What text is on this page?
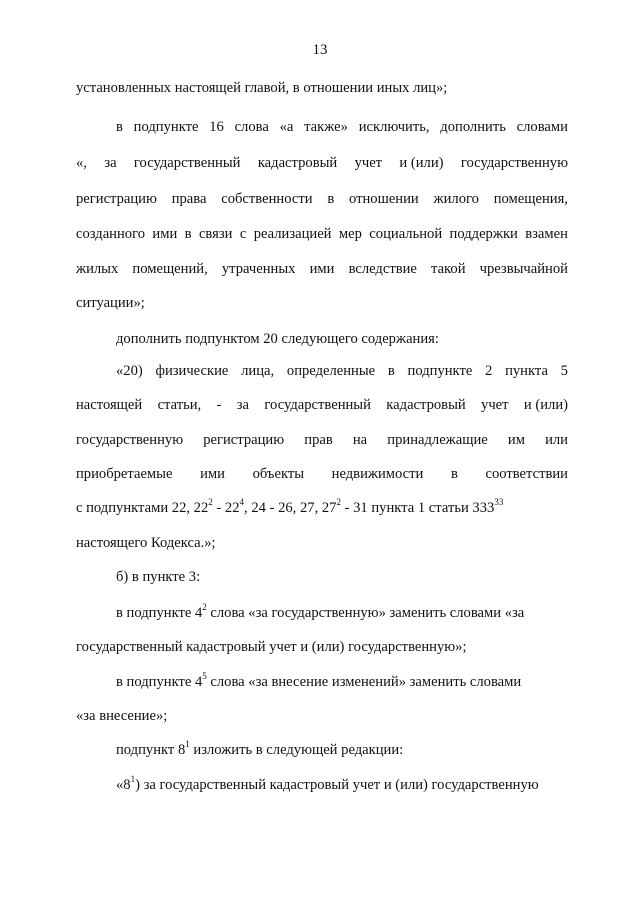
13
установленных настоящей главой, в отношении иных лиц»;
в подпункте 16 слова «а также» исключить, дополнить словами
«, за государственный кадастровый учет и (или) государственную
регистрацию права собственности в отношении жилого помещения,
созданного ими в связи с реализацией мер социальной поддержки взамен
жилых помещений, утраченных ими вследствие такой чрезвычайной
ситуации»;
дополнить подпунктом 20 следующего содержания:
«20) физические лица, определенные в подпункте 2 пункта 5
настоящей статьи, - за государственный кадастровый учет и (или)
государственную регистрацию прав на принадлежащие им или
приобретаемые ими объекты недвижимости в соответствии
с подпунктами 22, $22^2 - 22^4$, 24 - 26, 27, $27^2 - 31$ пункта 1 статьи $333^{33}$
настоящего Кодекса.»;
б) в пункте 3:
в подпункте $4^2$ слова «за государственную» заменить словами «за
государственный кадастровый учет и (или) государственную»;
в подпункте $4^5$ слова «за внесение изменений» заменить словами
«за внесение»;
подпункт $8^1$ изложить в следующей редакции:
«$8^1$) за государственный кадастровый учет и (или) государственную
